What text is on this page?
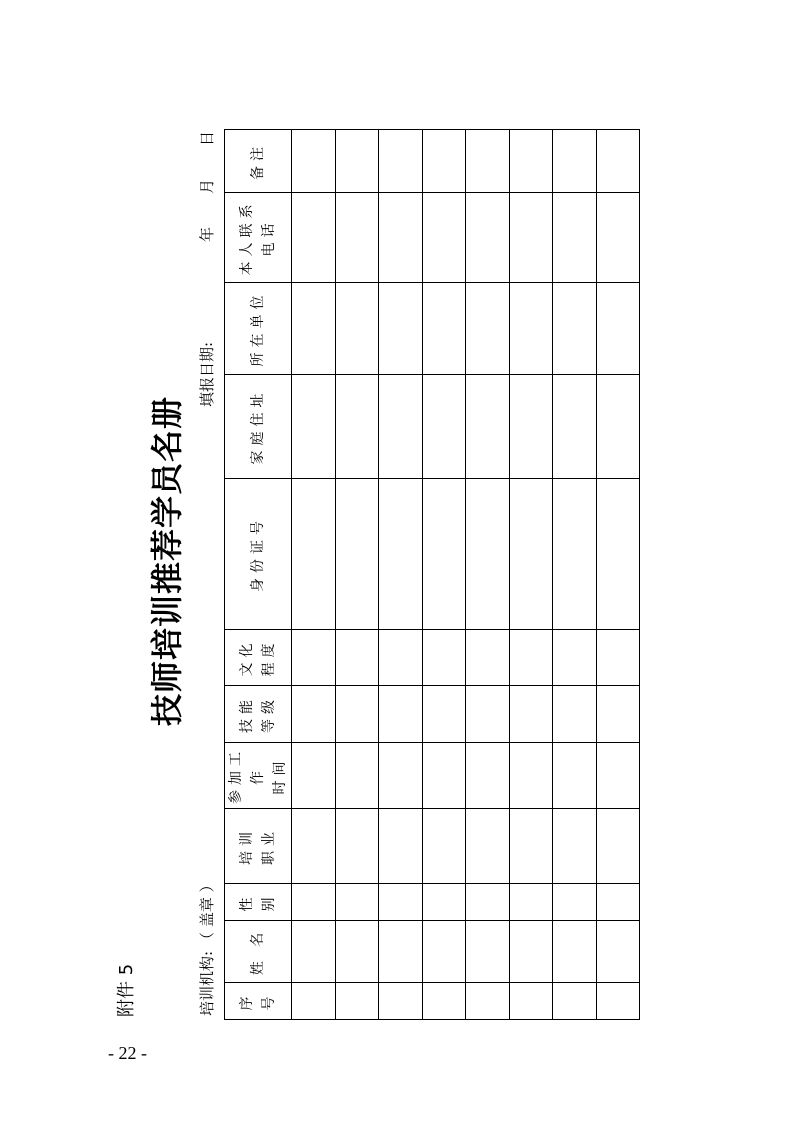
附件 5
技师培训推荐学员名册
培训机构:（ 盖章 ）
填报日期:
年
月
日
序 号	姓 名	性 别	培训 职业	参加工作 时间	技能 等级	文化 程度	身份证号	家庭住址	所在单位	本人联系 电话	备注

- 22 -
